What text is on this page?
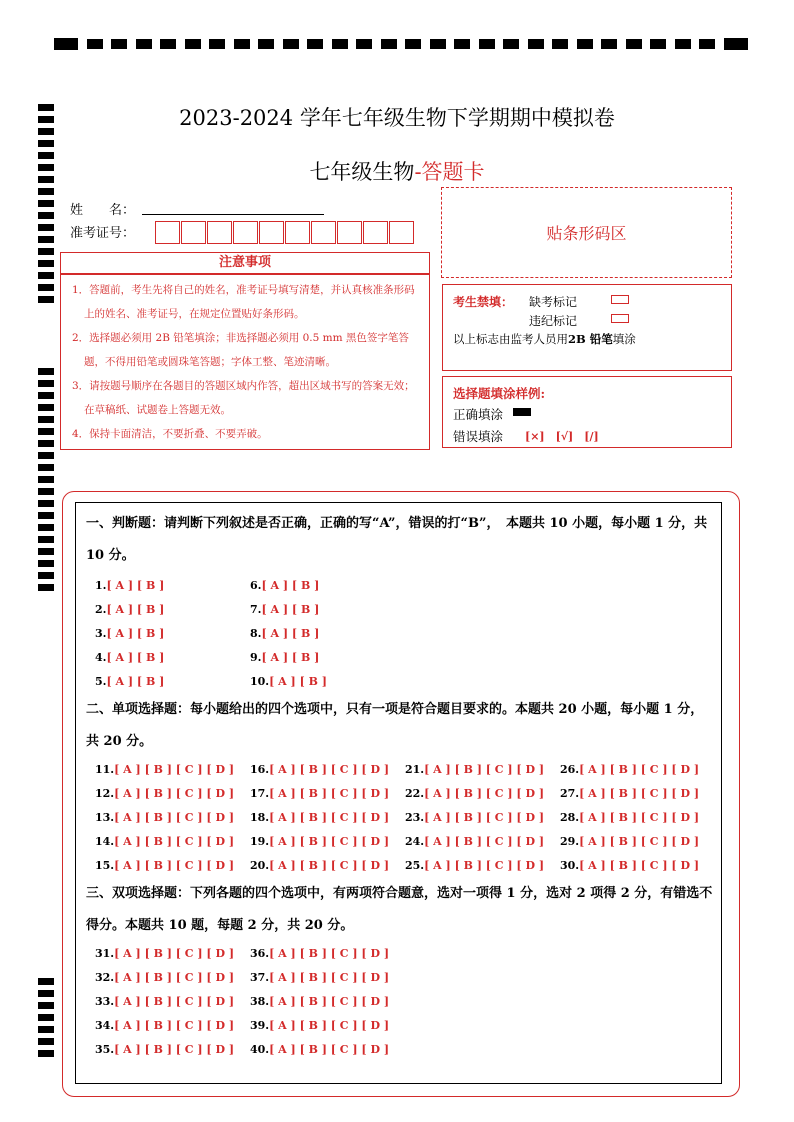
2023-2024 学年七年级生物下学期期中模拟卷
七年级生物-答题卡
姓　　名：
准考证号：	贴条形码区
注意事项

1．答题前，考生先将自己的姓名，准考证号填写清楚，并认真核准条形码上的姓名、准考证号，在规定位置贴好条形码。

2．选择题必须用 2B 铅笔填涂；非选择题必须用 0.5 mm 黑色签字笔答题，不得用铅笔或圆珠笔答题；字体工整、笔迹清晰。

3．请按题号顺序在各题目的答题区域内作答，超出区域书写的答案无效；在草稿纸、试题卷上答题无效。

4．保持卡面清洁，不要折叠、不要弄破。

考生禁填： 缺考标记
违纪标记
以上标志由监考人员用2B 铅笔填涂
选择题填涂样例:
正确填涂
错误填涂 [×]　[√]　[/]
一、判断题：请判断下列叙述是否正确，正确的写“A”，错误的打“B”，　本题共 10 小题，每小题 1 分，共 10 分。
1.[ A ] [ B ]
2.[ A ] [ B ]
3.[ A ] [ B ]
4.[ A ] [ B ]
5.[ A ] [ B ]
6.[ A ] [ B ]
7.[ A ] [ B ]
8.[ A ] [ B ]
9.[ A ] [ B ]
10.[ A ] [ B ]
二、单项选择题：每小题给出的四个选项中，只有一项是符合题目要求的。本题共 20 小题，每小题 1 分，共 20 分。
11.[ A ] [ B ] [ C ] [ D ]
12.[ A ] [ B ] [ C ] [ D ]
13.[ A ] [ B ] [ C ] [ D ]
14.[ A ] [ B ] [ C ] [ D ]
15.[ A ] [ B ] [ C ] [ D ]
16.[ A ] [ B ] [ C ] [ D ]
17.[ A ] [ B ] [ C ] [ D ]
18.[ A ] [ B ] [ C ] [ D ]
19.[ A ] [ B ] [ C ] [ D ]
20.[ A ] [ B ] [ C ] [ D ]
21.[ A ] [ B ] [ C ] [ D ]
22.[ A ] [ B ] [ C ] [ D ]
23.[ A ] [ B ] [ C ] [ D ]
24.[ A ] [ B ] [ C ] [ D ]
25.[ A ] [ B ] [ C ] [ D ]
26.[ A ] [ B ] [ C ] [ D ]
27.[ A ] [ B ] [ C ] [ D ]
28.[ A ] [ B ] [ C ] [ D ]
29.[ A ] [ B ] [ C ] [ D ]
30.[ A ] [ B ] [ C ] [ D ]
三、双项选择题：下列各题的四个选项中，有两项符合题意，选对一项得 1 分，选对 2 项得 2 分，有错选不得分。本题共 10 题，每题 2 分，共 20 分。
31.[ A ] [ B ] [ C ] [ D ]
32.[ A ] [ B ] [ C ] [ D ]
33.[ A ] [ B ] [ C ] [ D ]
34.[ A ] [ B ] [ C ] [ D ]
35.[ A ] [ B ] [ C ] [ D ]
36.[ A ] [ B ] [ C ] [ D ]
37.[ A ] [ B ] [ C ] [ D ]
38.[ A ] [ B ] [ C ] [ D ]
39.[ A ] [ B ] [ C ] [ D ]
40.[ A ] [ B ] [ C ] [ D ]
